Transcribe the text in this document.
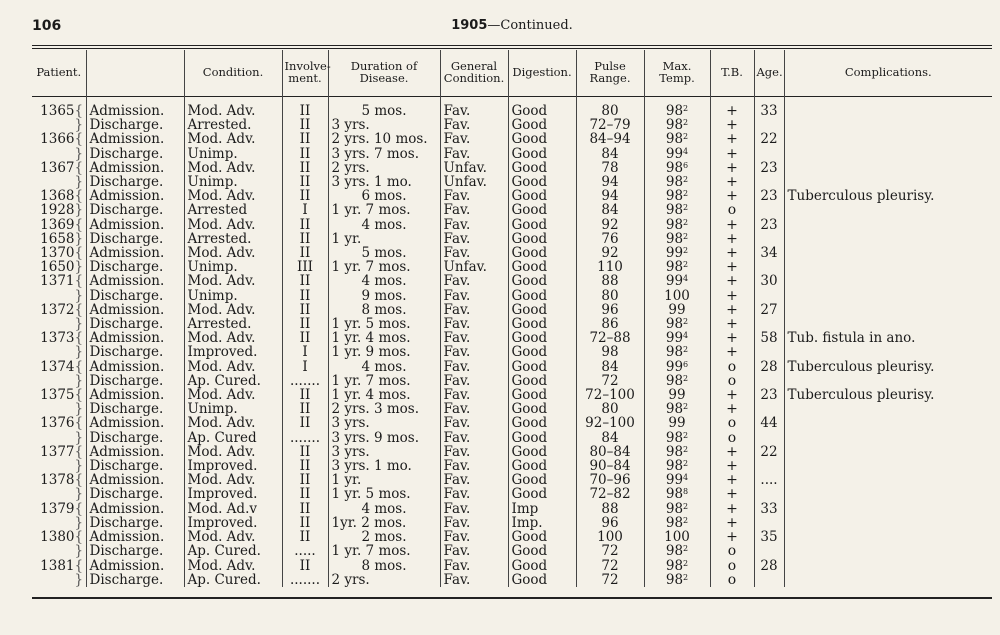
106	1905—Continued.
Patient.		Condition.	Involve-
ment.	Duration of
Disease.	General
Condition.	Digestion.	Pulse
Range.	Max.
Temp.	T.B.	Age.	Complications.
1365{	Admission.	Mod. Adv.	II	5 mos.	Fav.	Good	80	$98^2$	+	33	
}	Discharge.	Arrested.	II	3 yrs.	Fav.	Good	72–79	$98^2$	+		
1366{	Admission.	Mod. Adv.	II	2 yrs. 10 mos.	Fav.	Good	84–94	$98^2$	+	22	
}	Discharge.	Unimp.	II	3 yrs. 7 mos.	Fav.	Good	84	$99^4$	+		
1367{	Admission.	Mod. Adv.	II	2 yrs.	Unfav.	Good	78	$98^6$	+	23	
}	Discharge.	Unimp.	II	3 yrs. 1 mo.	Unfav.	Good	94	$98^2$	+		
1368{	Admission.	Mod. Adv.	II	6 mos.	Fav.	Good	94	$98^2$	+	23	Tuberculous pleurisy.
1928}	Discharge.	Arrested	I	1 yr. 7 mos.	Fav.	Good	84	$98^2$	o		
1369{	Admission.	Mod. Adv.	II	4 mos.	Fav.	Good	92	$98^2$	+	23	
1658}	Discharge.	Arrested.	II	1 yr.	Fav.	Good	76	$98^2$	+		
1370{	Admission.	Mod. Adv.	II	5 mos.	Fav.	Good	92	$99^2$	+	34	
1650}	Discharge.	Unimp.	III	1 yr. 7 mos.	Unfav.	Good	110	$98^2$	+		
1371{	Admission.	Mod. Adv.	II	4 mos.	Fav.	Good	88	$99^4$	+	30	
}	Discharge.	Unimp.	II	9 mos.	Fav.	Good	80	100	+		
1372{	Admission.	Mod. Adv.	II	8 mos.	Fav.	Good	96	99	+	27	
}	Discharge.	Arrested.	II	1 yr. 5 mos.	Fav.	Good	86	$98^2$	+		
1373{	Admission.	Mod. Adv.	II	1 yr. 4 mos.	Fav.	Good	72–88	$99^4$	+	58	Tub. fistula in ano.
}	Discharge.	Improved.	I	1 yr. 9 mos.	Fav.	Good	98	$98^2$	+		
1374{	Admission.	Mod. Adv.	I	4 mos.	Fav.	Good	84	$99^6$	o	28	Tuberculous pleurisy.
}	Discharge.	Ap. Cured.	.......	1 yr. 7 mos.	Fav.	Good	72	$98^2$	o		
1375{	Admission.	Mod. Adv.	II	1 yr. 4 mos.	Fav.	Good	72–100	99	+	23	Tuberculous pleurisy.
}	Discharge.	Unimp.	II	2 yrs. 3 mos.	Fav.	Good	80	$98^2$	+		
1376{	Admission.	Mod. Adv.	II	3 yrs.	Fav.	Good	92–100	99	o	44	
}	Discharge.	Ap. Cured	.......	3 yrs. 9 mos.	Fav.	Good	84	$98^2$	o		
1377{	Admission.	Mod. Adv.	II	3 yrs.	Fav.	Good	80–84	$98^2$	+	22	
}	Discharge.	Improved.	II	3 yrs. 1 mo.	Fav.	Good	90–84	$98^2$	+		
1378{	Admission.	Mod. Adv.	II	1 yr.	Fav.	Good	70–96	$99^4$	+	....	
}	Discharge.	Improved.	II	1 yr. 5 mos.	Fav.	Good	72–82	$98^8$	+		
1379{	Admission.	Mod. Ad.v	II	4 mos.	Fav.	Imp	88	$98^2$	+	33	
}	Discharge.	Improved.	II	1yr. 2 mos.	Fav.	Imp.	96	$98^2$	+		
1380{	Admission.	Mod. Adv.	II	2 mos.	Fav.	Good	100	100	+	35	
}	Discharge.	Ap. Cured.	.....	1 yr. 7 mos.	Fav.	Good	72	$98^2$	o		
1381{	Admission.	Mod. Adv.	II	8 mos.	Fav.	Good	72	$98^2$	o	28	
}	Discharge.	Ap. Cured.	.......	2 yrs.	Fav.	Good	72	$98^2$	o		
